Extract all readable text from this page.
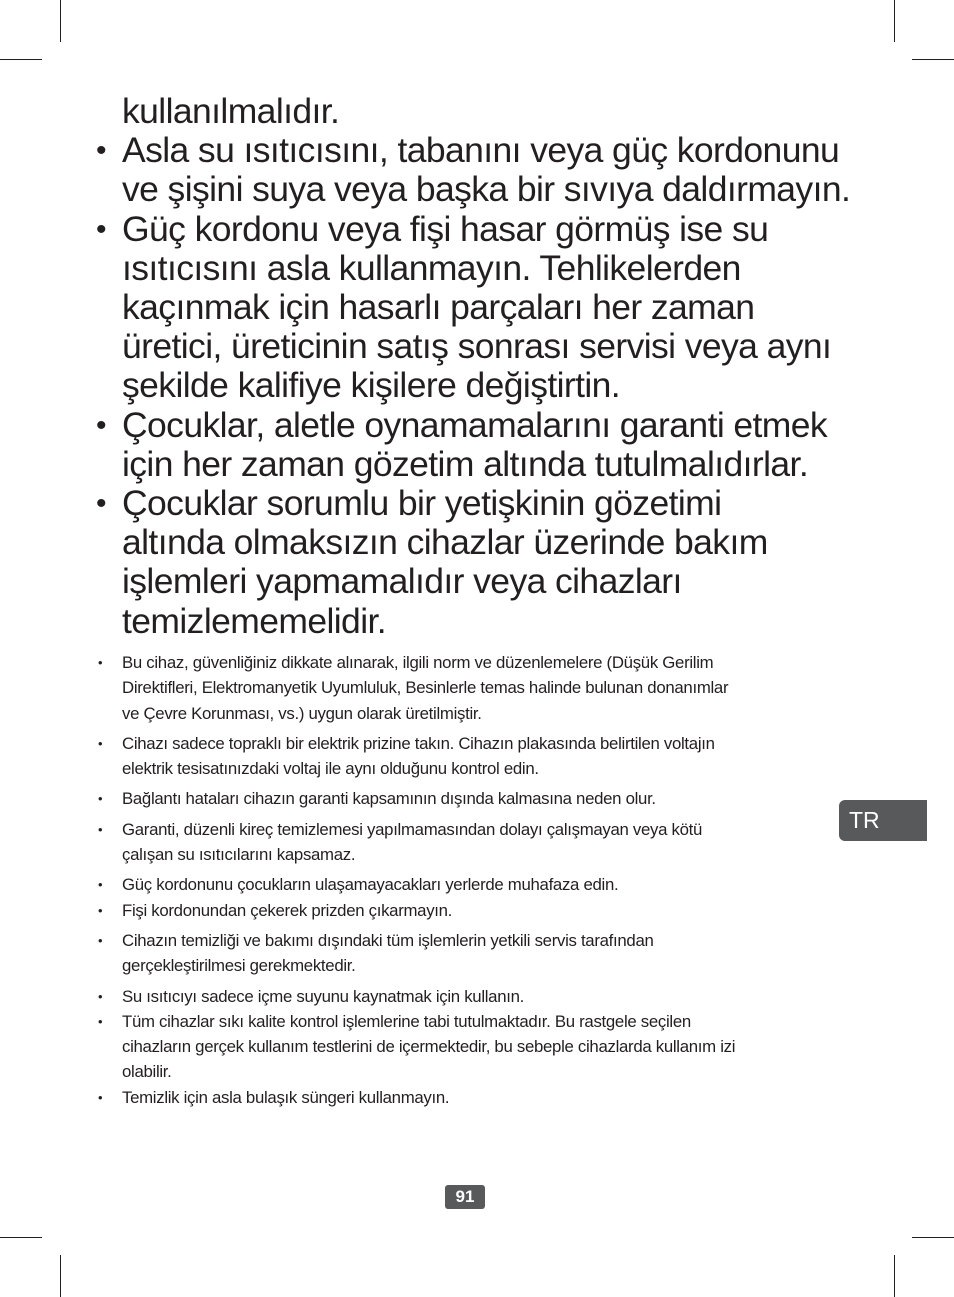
kullanılmalıdır.
• Asla su ısıtıcısını, tabanını veya güç kordonunu
ve şişini suya veya başka bir sıvıya daldırmayın.
• Güç kordonu veya fişi hasar görmüş ise su
ısıtıcısını asla kullanmayın. Tehlikelerden
kaçınmak için hasarlı parçaları her zaman
üretici, üreticinin satış sonrası servisi veya aynı
şekilde kalifiye kişilere değiştirtin.
• Çocuklar, aletle oynamamalarını garanti etmek
için her zaman gözetim altında tutulmalıdırlar.
• Çocuklar sorumlu bir yetişkinin gözetimi
altında olmaksızın cihazlar üzerinde bakım
işlemleri yapmamalıdır veya cihazları
temizlememelidir.
• Bu cihaz, güvenliğiniz dikkate alınarak, ilgili norm ve düzenlemelere (Düşük Gerilim
Direktifleri, Elektromanyetik Uyumluluk, Besinlerle temas halinde bulunan donanımlar
ve Çevre Korunması, vs.) uygun olarak üretilmiştir.
• Cihazı sadece topraklı bir elektrik prizine takın. Cihazın plakasında belirtilen voltajın
elektrik tesisatınızdaki voltaj ile aynı olduğunu kontrol edin.
• Bağlantı hataları cihazın garanti kapsamının dışında kalmasına neden olur.
• Garanti, düzenli kireç temizlemesi yapılmamasından dolayı çalışmayan veya kötü
çalışan su ısıtıcılarını kapsamaz.
• Güç kordonunu çocukların ulaşamayacakları yerlerde muhafaza edin.
• Fişi kordonundan çekerek prizden çıkarmayın.
• Cihazın temizliği ve bakımı dışındaki tüm işlemlerin yetkili servis tarafından
gerçekleştirilmesi gerekmektedir.
• Su ısıtıcıyı sadece içme suyunu kaynatmak için kullanın.
• Tüm cihazlar sıkı kalite kontrol işlemlerine tabi tutulmaktadır. Bu rastgele seçilen
cihazların gerçek kullanım testlerini de içermektedir, bu sebeple cihazlarda kullanım izi
olabilir.
• Temizlik için asla bulaşık süngeri kullanmayın.
TR
91
